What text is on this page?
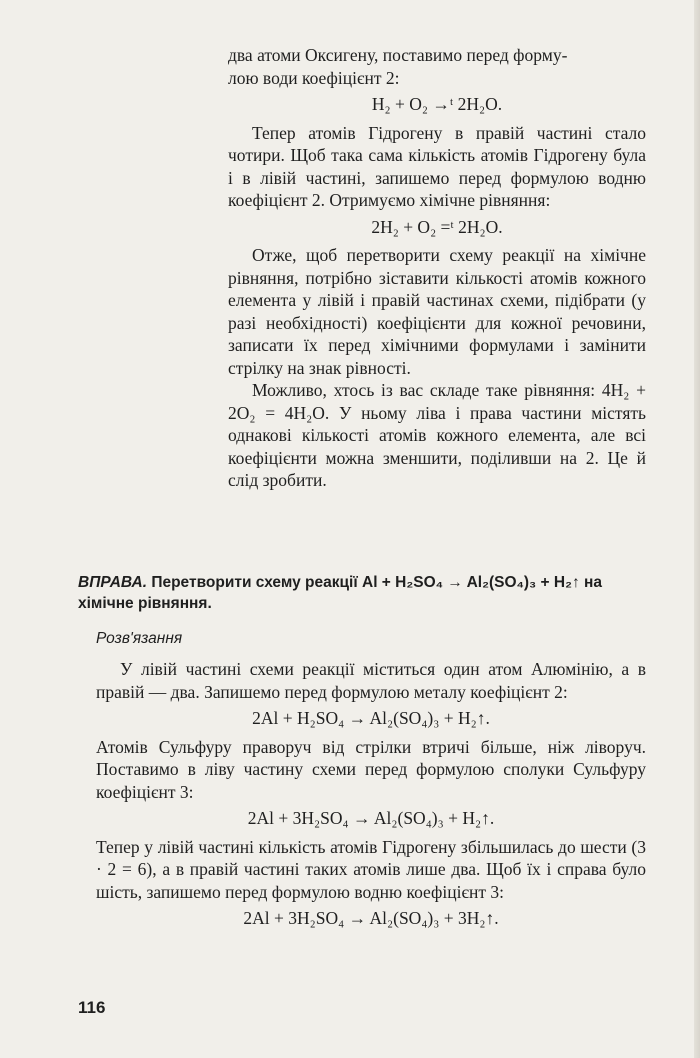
два атоми Оксигену, поставимо перед форму-

лою води коефіцієнт 2:

H₂ + O₂ →ᵗ 2H₂O.

Тепер атомів Гідрогену в правій частині стало чотири. Щоб така сама кількість атомів Гідрогену була і в лівій частині, запишемо перед формулою водню коефіцієнт 2. Отримуємо хімічне рівняння:

2H₂ + O₂ =ᵗ 2H₂O.

Отже, щоб перетворити схему реакції на хімічне рівняння, потрібно зіставити кількості атомів кожного елемента у лівій і правій частинах схеми, підібрати (у разі необхідності) коефіцієнти для кожної речовини, записати їх перед хімічними формулами і замінити стрілку на знак рівності.

Можливо, хтось із вас складе таке рівняння: 4H₂ + 2O₂ = 4H₂O. У ньому ліва і права частини містять однакові кількості атомів кожного елемента, але всі коефіцієнти можна зменшити, поділивши на 2. Це й слід зробити.

ВПРАВА. Перетворити схему реакції Al + H₂SO₄ → Al₂(SO₄)₃ + H₂↑ на хімічне рівняння.
Розв'язання

У лівій частині схеми реакції міститься один атом Алюмінію, а в правій — два. Запишемо перед формулою металу коефіцієнт 2:

2Al + H₂SO₄ → Al₂(SO₄)₃ + H₂↑.

Атомів Сульфуру праворуч від стрілки втричі більше, ніж ліворуч. Поставимо в ліву частину схеми перед формулою сполуки Сульфуру коефіцієнт 3:

2Al + 3H₂SO₄ → Al₂(SO₄)₃ + H₂↑.

Тепер у лівій частині кількість атомів Гідрогену збільшилась до шести (3 · 2 = 6), а в правій частині таких атомів лише два. Щоб їх і справа було шість, запишемо перед формулою водню коефіцієнт 3:

2Al + 3H₂SO₄ → Al₂(SO₄)₃ + 3H₂↑.

116
